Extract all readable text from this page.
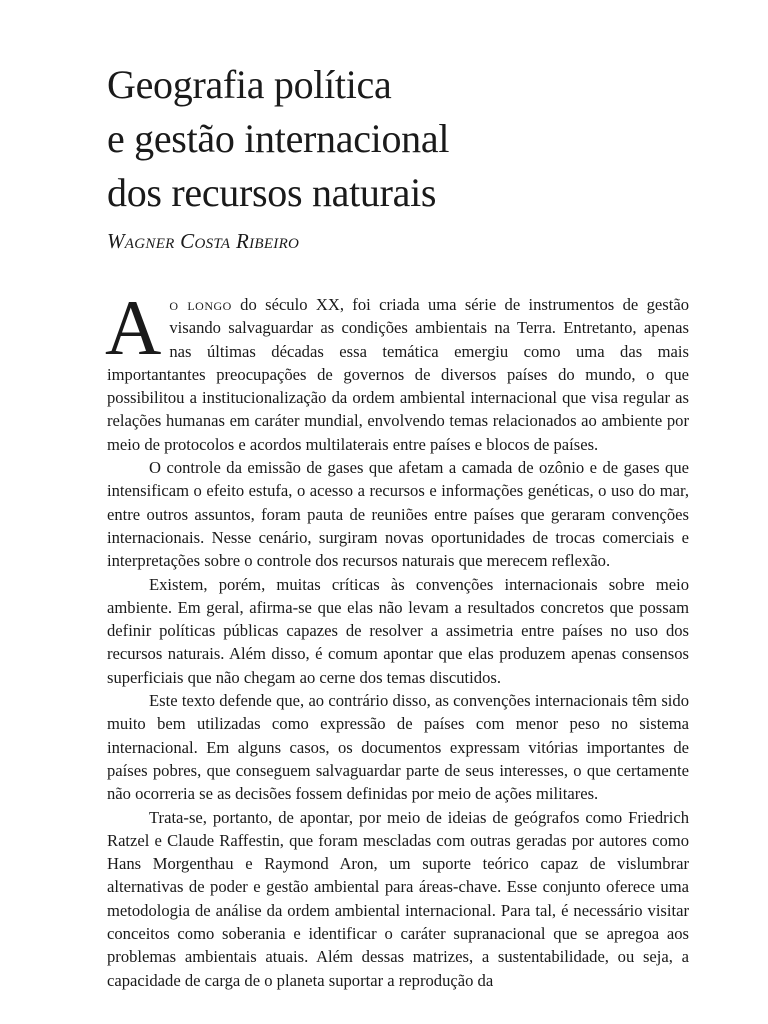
Geografia política
e gestão internacional
dos recursos naturais
Wagner Costa Ribeiro

Ao longo do século XX, foi criada uma série de instrumentos de gestão visando salvaguardar as condições ambientais na Terra. Entretanto, apenas nas últimas décadas essa temática emergiu como uma das mais importantantes preocupações de governos de diversos países do mundo, o que possibilitou a institucionalização da ordem ambiental internacional que visa regular as relações humanas em caráter mundial, envolvendo temas relacionados ao ambiente por meio de protocolos e acordos multilaterais entre países e blocos de países.

O controle da emissão de gases que afetam a camada de ozônio e de gases que intensificam o efeito estufa, o acesso a recursos e informações genéticas, o uso do mar, entre outros assuntos, foram pauta de reuniões entre países que geraram convenções internacionais. Nesse cenário, surgiram novas oportunidades de trocas comerciais e interpretações sobre o controle dos recursos naturais que merecem reflexão.

Existem, porém, muitas críticas às convenções internacionais sobre meio ambiente. Em geral, afirma-se que elas não levam a resultados concretos que possam definir políticas públicas capazes de resolver a assimetria entre países no uso dos recursos naturais. Além disso, é comum apontar que elas produzem apenas consensos superficiais que não chegam ao cerne dos temas discutidos.

Este texto defende que, ao contrário disso, as convenções internacionais têm sido muito bem utilizadas como expressão de países com menor peso no sistema internacional. Em alguns casos, os documentos expressam vitórias importantes de países pobres, que conseguem salvaguardar parte de seus interesses, o que certamente não ocorreria se as decisões fossem definidas por meio de ações militares.

Trata-se, portanto, de apontar, por meio de ideias de geógrafos como Friedrich Ratzel e Claude Raffestin, que foram mescladas com outras geradas por autores como Hans Morgenthau e Raymond Aron, um suporte teórico capaz de vislumbrar alternativas de poder e gestão ambiental para áreas-chave. Esse conjunto oferece uma metodologia de análise da ordem ambiental internacional. Para tal, é necessário visitar conceitos como soberania e identificar o caráter supranacional que se apregoa aos problemas ambientais atuais. Além dessas matrizes, a sustentabilidade, ou seja, a capacidade de carga de o planeta suportar a reprodução da
